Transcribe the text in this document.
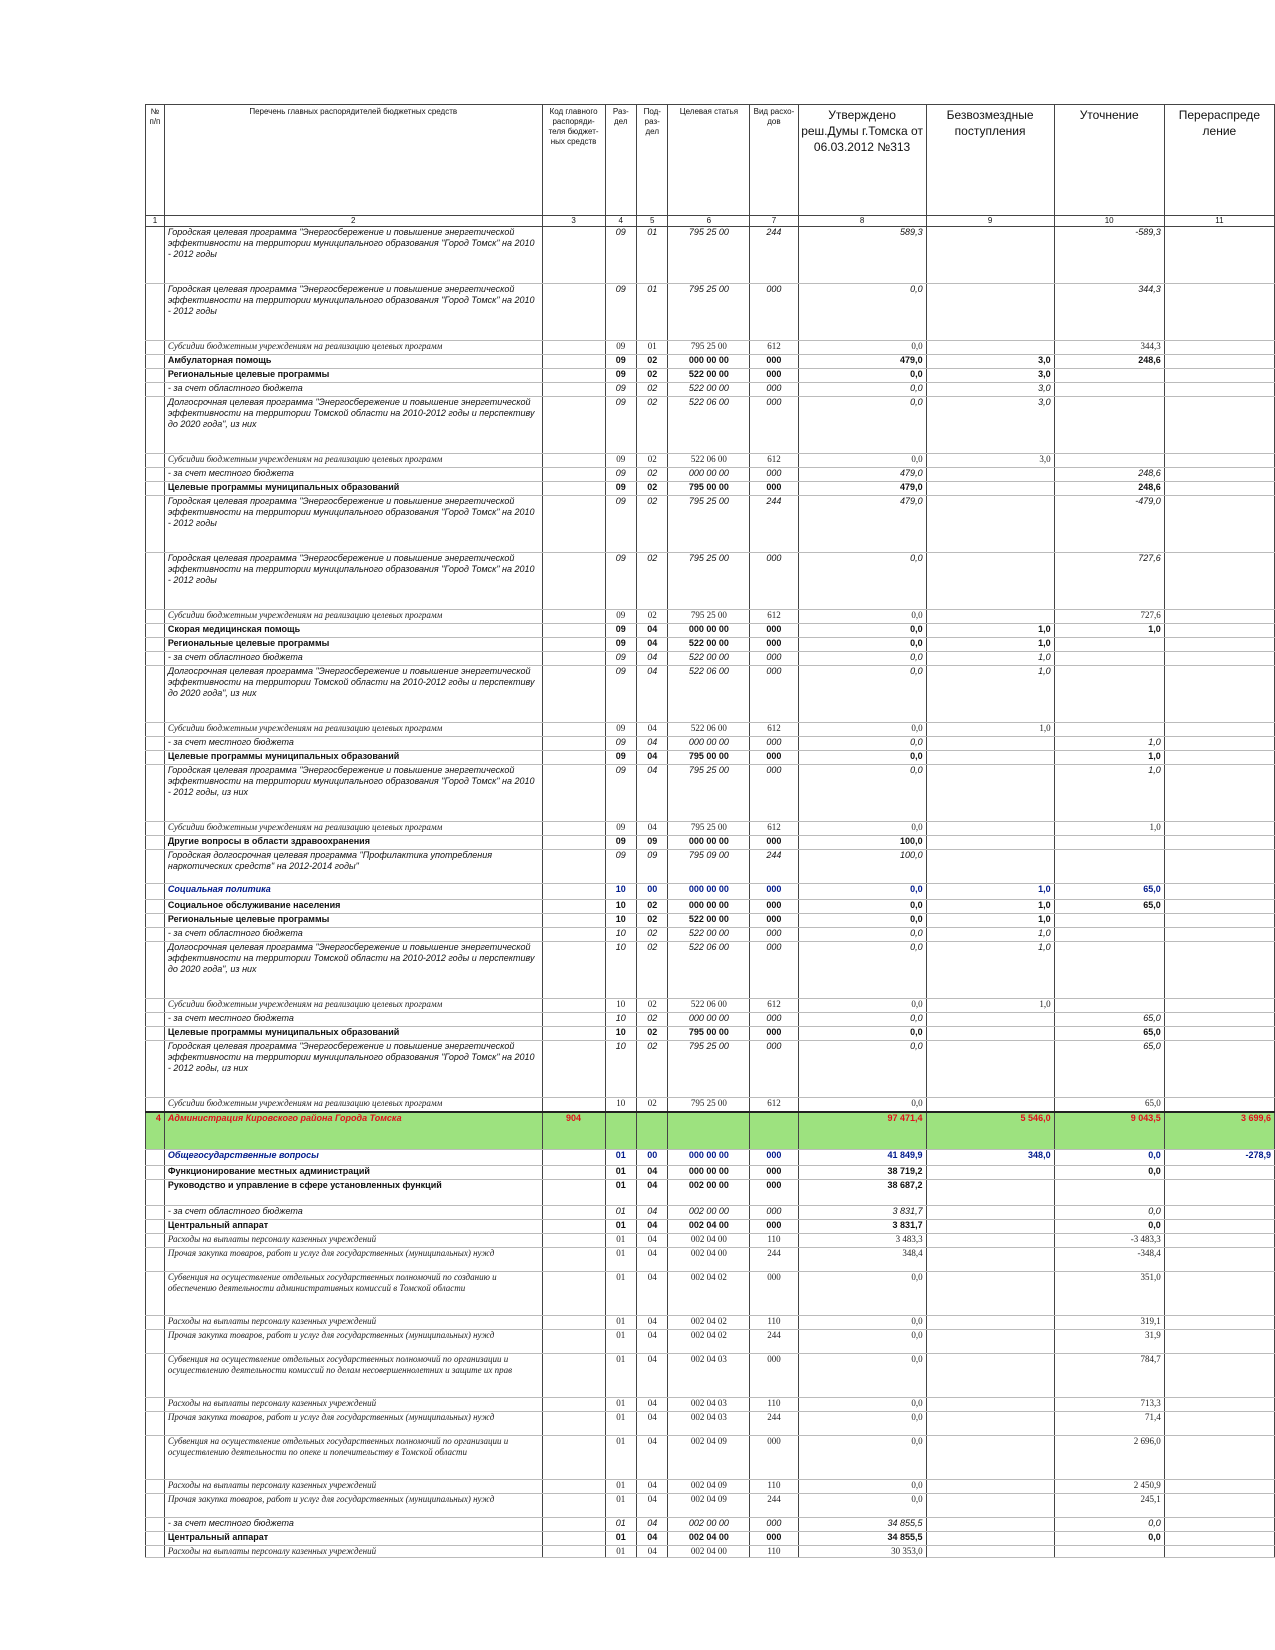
№ п/п	Перечень главных распорядителей бюджетных средств	Код главного распоряди-теля бюджет-ных средств	Раз-дел	Под-раз-дел	Целевая статья	Вид расхо-дов	Утверждено реш.Думы г.Томска от 06.03.2012 №313	Безвозмездные поступления	Уточнение	Перераспреде ление
1	2	3	4	5	6	7	8	9	10	11
	Городская целевая программа "Энергосбережение и повышение энергетической эффективности на территории муниципального образования "Город Томск" на 2010 - 2012 годы		09	01	795 25 00	244	589,3		-589,3	
	Городская целевая программа "Энергосбережение и повышение энергетической эффективности на территории муниципального образования "Город Томск" на 2010 - 2012 годы		09	01	795 25 00	000	0,0		344,3	
	Субсидии бюджетным учреждениям на реализацию целевых программ		09	01	795 25 00	612	0,0		344,3	
	Амбулаторная помощь		09	02	000 00 00	000	479,0	3,0	248,6	
	Региональные целевые программы		09	02	522 00 00	000	0,0	3,0		
	- за счет областного бюджета		09	02	522 00 00	000	0,0	3,0		
	Долгосрочная целевая программа "Энергосбережение и повышение энергетической эффективности на территории Томской области на 2010-2012 годы и перспективу до 2020 года", из них		09	02	522 06 00	000	0,0	3,0		
	Субсидии бюджетным учреждениям на реализацию целевых программ		09	02	522 06 00	612	0,0	3,0		
	- за счет местного бюджета		09	02	000 00 00	000	479,0		248,6	
	Целевые программы муниципальных образований		09	02	795 00 00	000	479,0		248,6	
	Городская целевая программа "Энергосбережение и повышение энергетической эффективности на территории муниципального образования "Город Томск" на 2010 - 2012 годы		09	02	795 25 00	244	479,0		-479,0	
	Городская целевая программа "Энергосбережение и повышение энергетической эффективности на территории муниципального образования "Город Томск" на 2010 - 2012 годы		09	02	795 25 00	000	0,0		727,6	
	Субсидии бюджетным учреждениям на реализацию целевых программ		09	02	795 25 00	612	0,0		727,6	
	Скорая медицинская помощь		09	04	000 00 00	000	0,0	1,0	1,0	
	Региональные целевые программы		09	04	522 00 00	000	0,0	1,0		
	- за счет областного бюджета		09	04	522 00 00	000	0,0	1,0		
	Долгосрочная целевая программа "Энергосбережение и повышение энергетической эффективности на территории Томской области на 2010-2012 годы и перспективу до 2020 года", из них		09	04	522 06 00	000	0,0	1,0		
	Субсидии бюджетным учреждениям на реализацию целевых программ		09	04	522 06 00	612	0,0	1,0		
	- за счет местного бюджета		09	04	000 00 00	000	0,0		1,0	
	Целевые программы муниципальных образований		09	04	795 00 00	000	0,0		1,0	
	Городская целевая программа "Энергосбережение и повышение энергетической эффективности на территории муниципального образования "Город Томск" на 2010 - 2012 годы, из них		09	04	795 25 00	000	0,0		1,0	
	Субсидии бюджетным учреждениям на реализацию целевых программ		09	04	795 25 00	612	0,0		1,0	
	Другие вопросы в области здравоохранения		09	09	000 00 00	000	100,0			
	Городская долгосрочная целевая программа "Профилактика употребления наркотических средств" на 2012-2014 годы"		09	09	795 09 00	244	100,0			
	Социальная политика		10	00	000 00 00	000	0,0	1,0	65,0	
	Социальное обслуживание населения		10	02	000 00 00	000	0,0	1,0	65,0	
	Региональные целевые программы		10	02	522 00 00	000	0,0	1,0		
	- за счет областного бюджета		10	02	522 00 00	000	0,0	1,0		
	Долгосрочная целевая программа "Энергосбережение и повышение энергетической эффективности на территории Томской области на 2010-2012 годы и перспективу до 2020 года", из них		10	02	522 06 00	000	0,0	1,0		
	Субсидии бюджетным учреждениям на реализацию целевых программ		10	02	522 06 00	612	0,0	1,0		
	- за счет местного бюджета		10	02	000 00 00	000	0,0		65,0	
	Целевые программы муниципальных образований		10	02	795 00 00	000	0,0		65,0	
	Городская целевая программа "Энергосбережение и повышение энергетической эффективности на территории муниципального образования "Город Томск" на 2010 - 2012 годы, из них		10	02	795 25 00	000	0,0		65,0	
	Субсидии бюджетным учреждениям на реализацию целевых программ		10	02	795 25 00	612	0,0		65,0	
4	Администрация Кировского района Города Томска	904					97 471,4	5 546,0	9 043,5	3 699,6
	Общегосударственные вопросы		01	00	000 00 00	000	41 849,9	348,0	0,0	-278,9
	Функционирование местных администраций		01	04	000 00 00	000	38 719,2		0,0	
	Руководство и управление в сфере установленных функций		01	04	002 00 00	000	38 687,2			
	- за счет областного бюджета		01	04	002 00 00	000	3 831,7		0,0	
	Центральный аппарат		01	04	002 04 00	000	3 831,7		0,0	
	Расходы на выплаты персоналу казенных учреждений		01	04	002 04 00	110	3 483,3		-3 483,3	
	Прочая закупка товаров, работ и услуг для государственных (муниципальных) нужд		01	04	002 04 00	244	348,4		-348,4	
	Субвенция на осуществление отдельных государственных полномочий по созданию и обеспечению деятельности административных комиссий в Томской области		01	04	002 04 02	000	0,0		351,0	
	Расходы на выплаты персоналу казенных учреждений		01	04	002 04 02	110	0,0		319,1	
	Прочая закупка товаров, работ и услуг для государственных (муниципальных) нужд		01	04	002 04 02	244	0,0		31,9	
	Субвенция на осуществление отдельных государственных полномочий по организации и осуществлению деятельности комиссий по делам несовершеннолетних и защите их прав		01	04	002 04 03	000	0,0		784,7	
	Расходы на выплаты персоналу казенных учреждений		01	04	002 04 03	110	0,0		713,3	
	Прочая закупка товаров, работ и услуг для государственных (муниципальных) нужд		01	04	002 04 03	244	0,0		71,4	
	Субвенция на осуществление отдельных государственных полномочий по организации и осуществлению деятельности по опеке и попечительству в Томской области		01	04	002 04 09	000	0,0		2 696,0	
	Расходы на выплаты персоналу казенных учреждений		01	04	002 04 09	110	0,0		2 450,9	
	Прочая закупка товаров, работ и услуг для государственных (муниципальных) нужд		01	04	002 04 09	244	0,0		245,1	
	- за счет местного бюджета		01	04	002 00 00	000	34 855,5		0,0	
	Центральный аппарат		01	04	002 04 00	000	34 855,5		0,0	
	Расходы на выплаты персоналу казенных учреждений		01	04	002 04 00	110	30 353,0			
